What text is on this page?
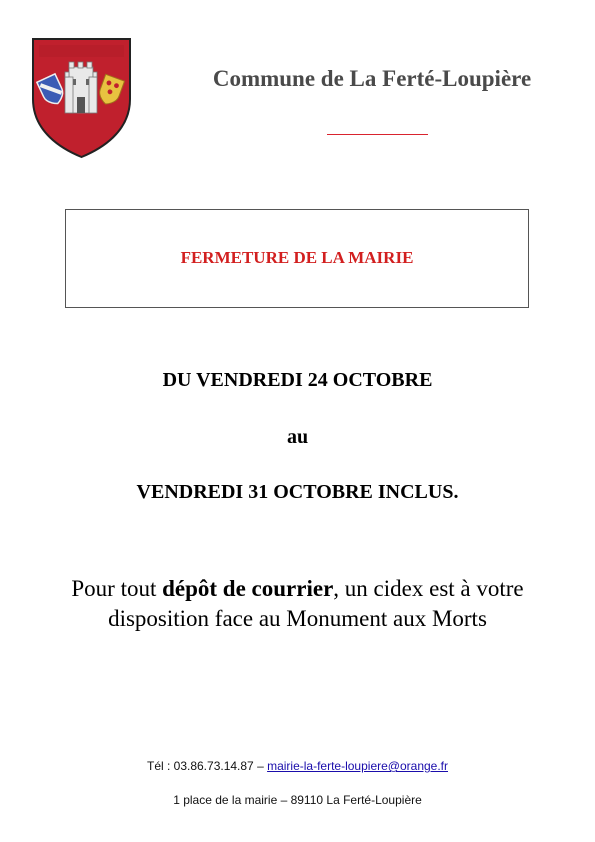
Commune de La Ferté-Loupière
FERMETURE DE LA MAIRIE
DU VENDREDI 24 OCTOBRE
au
VENDREDI 31 OCTOBRE INCLUS.
Pour tout dépôt de courrier, un cidex est à votre disposition face au Monument aux Morts
Tél : 03.86.73.14.87 – mairie-la-ferte-loupiere@orange.fr
1 place de la mairie – 89110 La Ferté-Loupière
